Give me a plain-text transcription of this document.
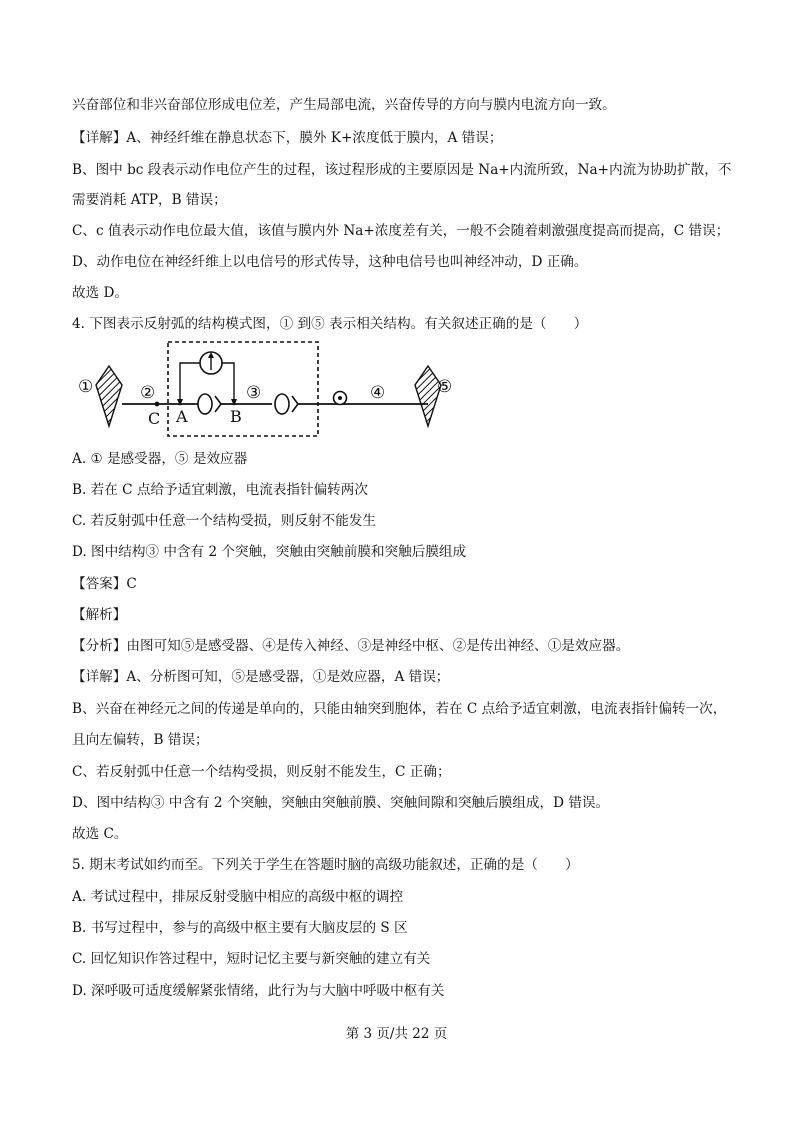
兴奋部位和非兴奋部位形成电位差，产生局部电流，兴奋传导的方向与膜内电流方向一致。
【详解】A、神经纤维在静息状态下，膜外 K+浓度低于膜内，A 错误；
B、图中 bc 段表示动作电位产生的过程，该过程形成的主要原因是 Na+内流所致，Na+内流为协助扩散，不
需要消耗 ATP，B 错误；
C、c 值表示动作电位最大值，该值与膜内外 Na+浓度差有关，一般不会随着刺激强度提高而提高，C 错误；
D、动作电位在神经纤维上以电信号的形式传导，这种电信号也叫神经冲动，D 正确。
故选 D。
4. 下图表示反射弧的结构模式图，① 到⑤ 表示相关结构。有关叙述正确的是（　　）
①	②
C A	B
③	④	⑤
A. ① 是感受器，⑤ 是效应器
B. 若在 C 点给予适宜刺激，电流表指针偏转两次
C. 若反射弧中任意一个结构受损，则反射不能发生
D. 图中结构③ 中含有 2 个突触，突触由突触前膜和突触后膜组成
【答案】C
【解析】
【分析】由图可知⑤是感受器、④是传入神经、③是神经中枢、②是传出神经、①是效应器。
【详解】A、分析图可知，⑤是感受器，①是效应器，A 错误；
B、兴奋在神经元之间的传递是单向的，只能由轴突到胞体，若在 C 点给予适宜刺激，电流表指针偏转一次，
且向左偏转，B 错误；
C、若反射弧中任意一个结构受损，则反射不能发生，C 正确；
D、图中结构③ 中含有 2 个突触，突触由突触前膜、突触间隙和突触后膜组成，D 错误。
故选 C。
5. 期末考试如约而至。下列关于学生在答题时脑的高级功能叙述，正确的是（　　）
A. 考试过程中，排尿反射受脑中相应的高级中枢的调控
B. 书写过程中，参与的高级中枢主要有大脑皮层的 S 区
C. 回忆知识作答过程中，短时记忆主要与新突触的建立有关
D. 深呼吸可适度缓解紧张情绪，此行为与大脑中呼吸中枢有关
第 3 页/共 22 页
